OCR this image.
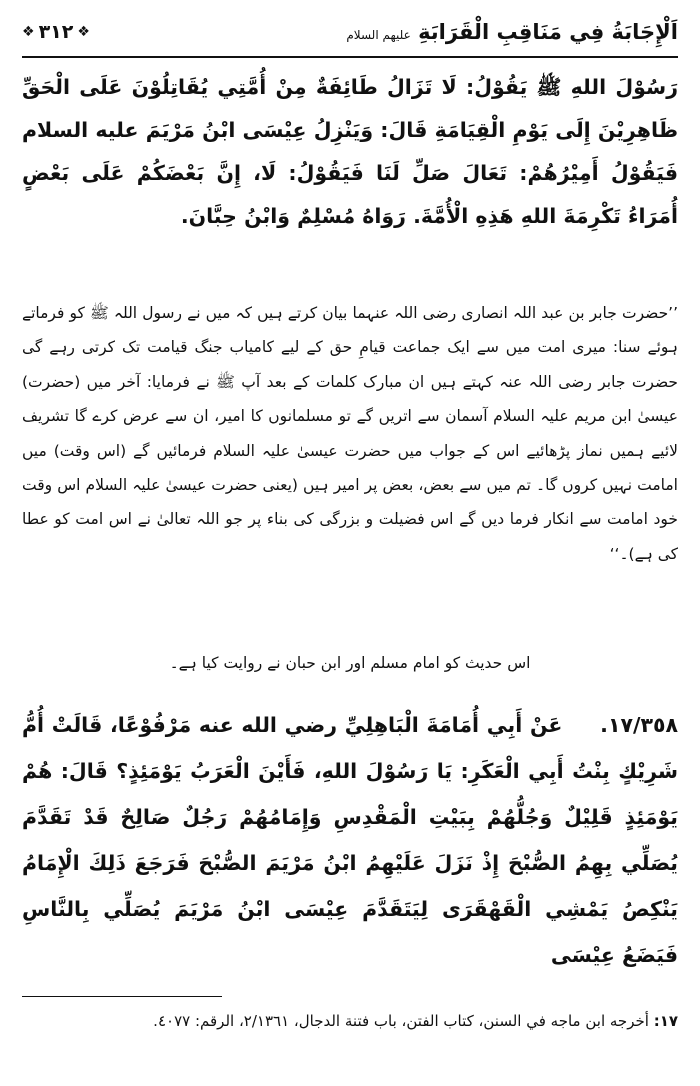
اَلْإِجَابَةُ فِي مَنَاقِبِ الْقَرَابَةِ عليهم السلام
❖ ٣١٢ ❖
رَسُوْلَ اللهِ ﷺ يَقُوْلُ: لَا تَزَالُ طَائِفَةٌ مِنْ أُمَّتِي يُقَاتِلُوْنَ عَلَى الْحَقِّ ظَاهِرِيْنَ إِلَى يَوْمِ الْقِيَامَةِ قَالَ: وَيَنْزِلُ عِيْسَى ابْنُ مَرْيَمَ عليه السلام فَيَقُوْلُ أَمِيْرُهُمْ: تَعَالَ صَلِّ لَنَا فَيَقُوْلُ: لَا، إِنَّ بَعْضَكُمْ عَلَى بَعْضٍ أُمَرَاءُ تَكْرِمَةَ اللهِ هَذِهِ الْأُمَّةَ. رَوَاهُ مُسْلِمٌ وَابْنُ حِبَّانَ.
’’حضرت جابر بن عبد اللہ انصاری رضی اللہ عنہما بیان کرتے ہیں کہ میں نے رسول اللہ ﷺ کو فرماتے ہوئے سنا: میری امت میں سے ایک جماعت قیامِ حق کے لیے کامیاب جنگ قیامت تک کرتی رہے گی حضرت جابر رضی اللہ عنہ کہتے ہیں ان مبارک کلمات کے بعد آپ ﷺ نے فرمایا: آخر میں (حضرت) عیسیٰ ابن مریم علیہ السلام آسمان سے اتریں گے تو مسلمانوں کا امیر، ان سے عرض کرے گا تشریف لائیے ہمیں نماز پڑھائیے اس کے جواب میں حضرت عیسیٰ علیہ السلام فرمائیں گے (اس وقت) میں امامت نہیں کروں گا۔ تم میں سے بعض، بعض پر امیر ہیں (یعنی حضرت عیسیٰ علیہ السلام اس وقت خود امامت سے انکار فرما دیں گے اس فضیلت و بزرگی کی بناء پر جو اللہ تعالیٰ نے اس امت کو عطا کی ہے)۔‘‘
اس حدیث کو امام مسلم اور ابن حبان نے روایت کیا ہے۔
١٧/٣٥٨. عَنْ أَبِي أُمَامَةَ الْبَاهِلِيِّ رضي الله عنه مَرْفُوْعًا، قَالَتْ أُمُّ شَرِيْكٍ بِنْتُ أَبِي الْعَكَرِ: يَا رَسُوْلَ اللهِ، فَأَيْنَ الْعَرَبُ يَوْمَئِذٍ؟ قَالَ: هُمْ يَوْمَئِذٍ قَلِيْلٌ وَجُلُّهُمْ بِبَيْتِ الْمَقْدِسِ وَإِمَامُهُمْ رَجُلٌ صَالِحٌ قَدْ تَقَدَّمَ يُصَلِّي بِهِمُ الصُّبْحَ إِذْ نَزَلَ عَلَيْهِمُ ابْنُ مَرْيَمَ الصُّبْحَ فَرَجَعَ ذَلِكَ الْإِمَامُ يَنْكِصُ يَمْشِي الْقَهْقَرَى لِيَتَقَدَّمَ عِيْسَى ابْنُ مَرْيَمَ يُصَلِّي بِالنَّاسِ فَيَضَعُ عِيْسَى
١٧: أخرجه ابن ماجه في السنن، كتاب الفتن، باب فتنة الدجال، ٢/١٣٦١، الرقم: ٤٠٧٧.
